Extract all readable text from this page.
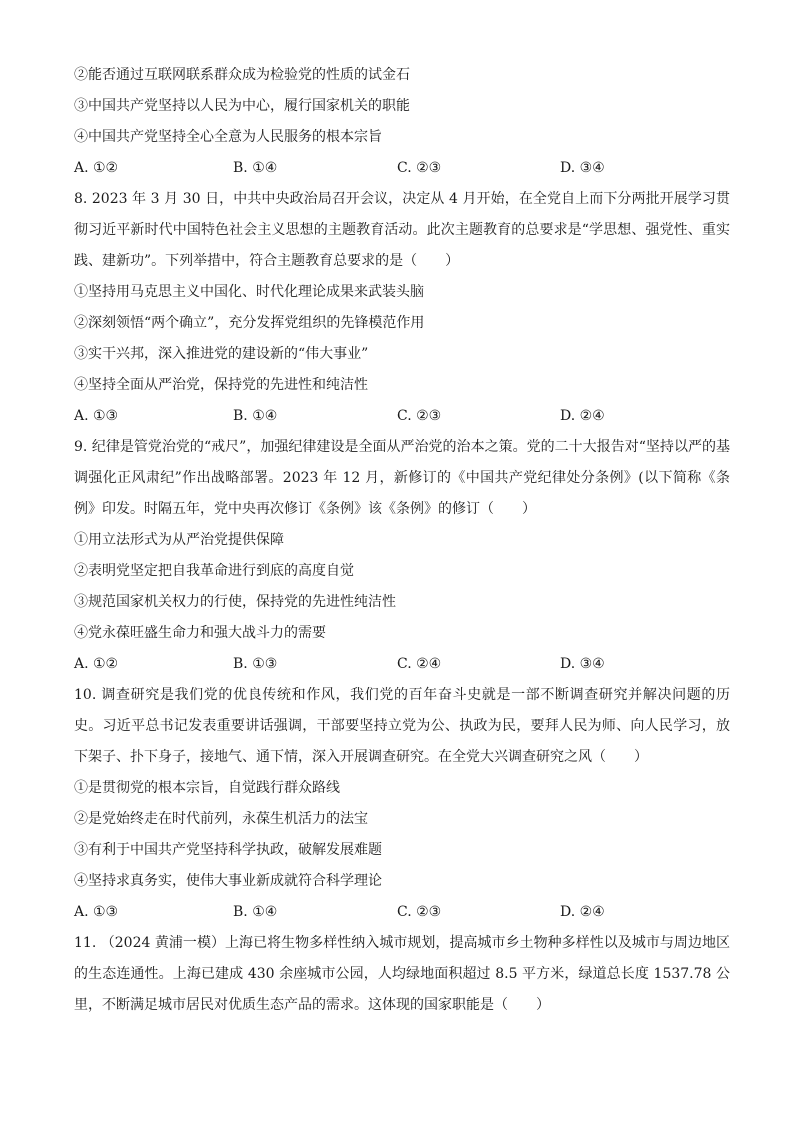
②能否通过互联网联系群众成为检验党的性质的试金石
③中国共产党坚持以人民为中心，履行国家机关的职能
④中国共产党坚持全心全意为人民服务的根本宗旨
A. ①②	B. ①④	C. ②③	D. ③④
8. 2023 年 3 月 30 日，中共中央政治局召开会议，决定从 4 月开始，在全党自上而下分两批开展学习贯彻习近平新时代中国特色社会主义思想的主题教育活动。此次主题教育的总要求是“学思想、强党性、重实践、建新功”。下列举措中，符合主题教育总要求的是（　　）
①坚持用马克思主义中国化、时代化理论成果来武装头脑
②深刻领悟“两个确立”，充分发挥党组织的先锋模范作用
③实干兴邦，深入推进党的建设新的“伟大事业”
④坚持全面从严治党，保持党的先进性和纯洁性
A. ①③	B. ①④	C. ②③	D. ②④
9. 纪律是管党治党的“戒尺”，加强纪律建设是全面从严治党的治本之策。党的二十大报告对“坚持以严的基调强化正风肃纪”作出战略部署。2023 年 12 月，新修订的《中国共产党纪律处分条例》(以下简称《条例》印发。时隔五年，党中央再次修订《条例》该《条例》的修订（　　）
①用立法形式为从严治党提供保障
②表明党坚定把自我革命进行到底的高度自觉
③规范国家机关权力的行使，保持党的先进性纯洁性
④党永葆旺盛生命力和强大战斗力的需要
A. ①②	B. ①③	C. ②④	D. ③④
10. 调查研究是我们党的优良传统和作风，我们党的百年奋斗史就是一部不断调查研究并解决问题的历史。习近平总书记发表重要讲话强调，干部要坚持立党为公、执政为民，要拜人民为师、向人民学习，放下架子、扑下身子，接地气、通下情，深入开展调查研究。在全党大兴调查研究之风（　　）
①是贯彻党的根本宗旨，自觉践行群众路线
②是党始终走在时代前列，永葆生机活力的法宝
③有利于中国共产党坚持科学执政，破解发展难题
④坚持求真务实，使伟大事业新成就符合科学理论
A. ①③	B. ①④	C. ②③	D. ②④
11. （2024 黄浦一模）上海已将生物多样性纳入城市规划，提高城市乡土物种多样性以及城市与周边地区的生态连通性。上海已建成 430 余座城市公园，人均绿地面积超过 8.5 平方米，绿道总长度 1537.78 公里，不断满足城市居民对优质生态产品的需求。这体现的国家职能是（　　）
